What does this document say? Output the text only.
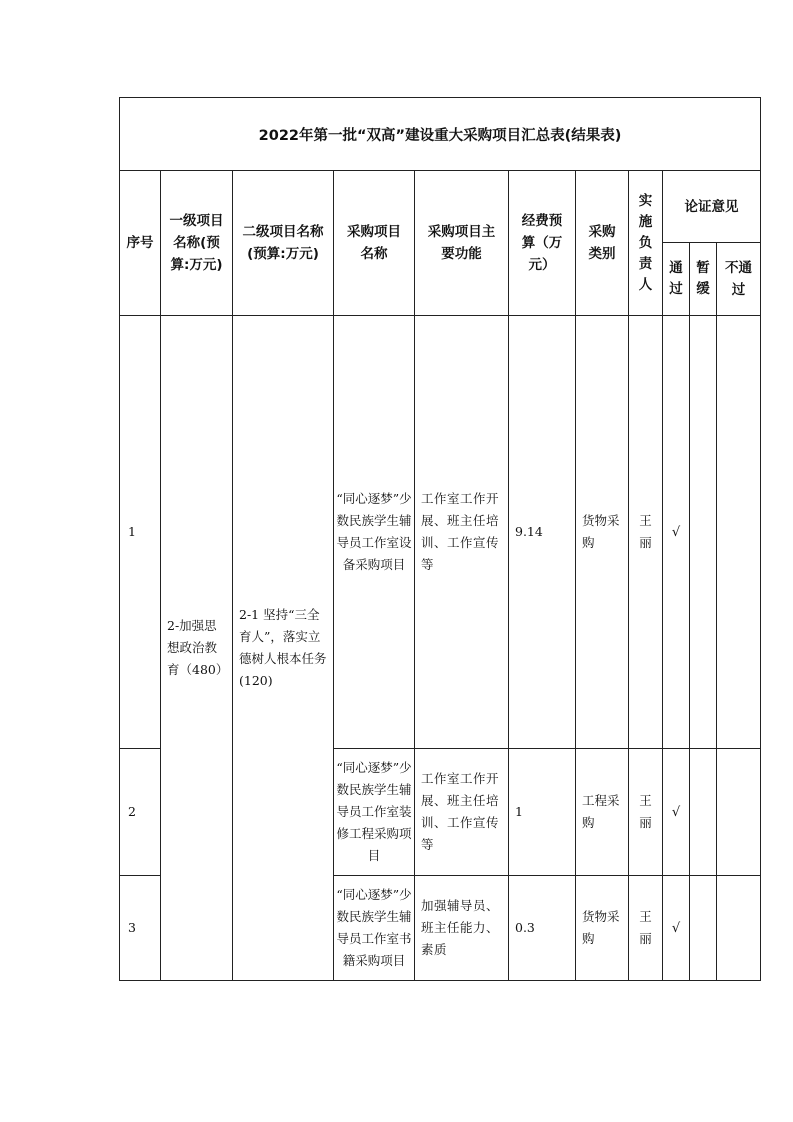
2022年第一批“双高”建设重大采购项目汇总表(结果表)										
序号	一级项目名称(预算:万元)	二级项目名称(预算:万元)	采购项目名称	采购项目主要功能	经费预算（万元）	采购类别	实施负责人	论证意见		
								通过	暂缓	不通过
1	2-加强思想政治教育（480）	2-1 坚持“三全育人”，落实立德树人根本任务(120)	“同心逐梦”少数民族学生辅导员工作室设备采购项目	工作室工作开展、班主任培训、工作宣传等	9.14	货物采购	王丽	√		
2			“同心逐梦”少数民族学生辅导员工作室装修工程采购项目	工作室工作开展、班主任培训、工作宣传等	1	工程采购	王丽	√		
3			“同心逐梦”少数民族学生辅导员工作室书籍采购项目	加强辅导员、班主任能力、素质	0.3	货物采购	王丽	√		
